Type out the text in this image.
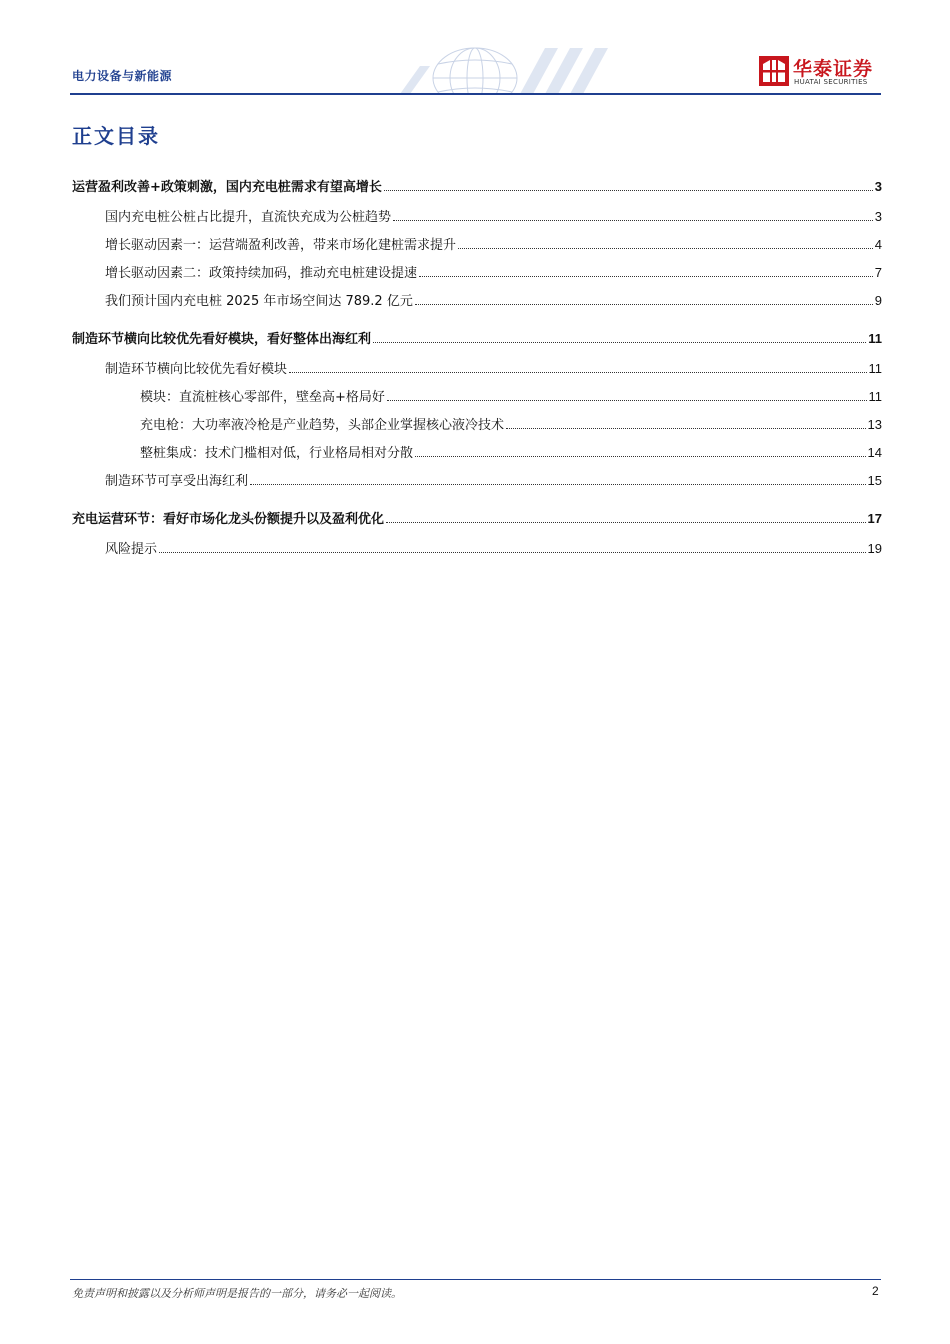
电力设备与新能源	华泰证券
HUATAI SECURITIES
正文目录
运营盈利改善+政策刺激，国内充电桩需求有望高增长	3
国内充电桩公桩占比提升，直流快充成为公桩趋势	3
增长驱动因素一：运营端盈利改善，带来市场化建桩需求提升	4
增长驱动因素二：政策持续加码，推动充电桩建设提速	7
我们预计国内充电桩 2025 年市场空间达 789.2 亿元	9
制造环节横向比较优先看好模块，看好整体出海红利	11
制造环节横向比较优先看好模块	11
模块：直流桩核心零部件，壁垒高+格局好	11
充电枪：大功率液冷枪是产业趋势，头部企业掌握核心液冷技术	13
整桩集成：技术门槛相对低，行业格局相对分散	14
制造环节可享受出海红利	15
充电运营环节：看好市场化龙头份额提升以及盈利优化	17
风险提示	19
免责声明和披露以及分析师声明是报告的一部分，请务必一起阅读。	2
